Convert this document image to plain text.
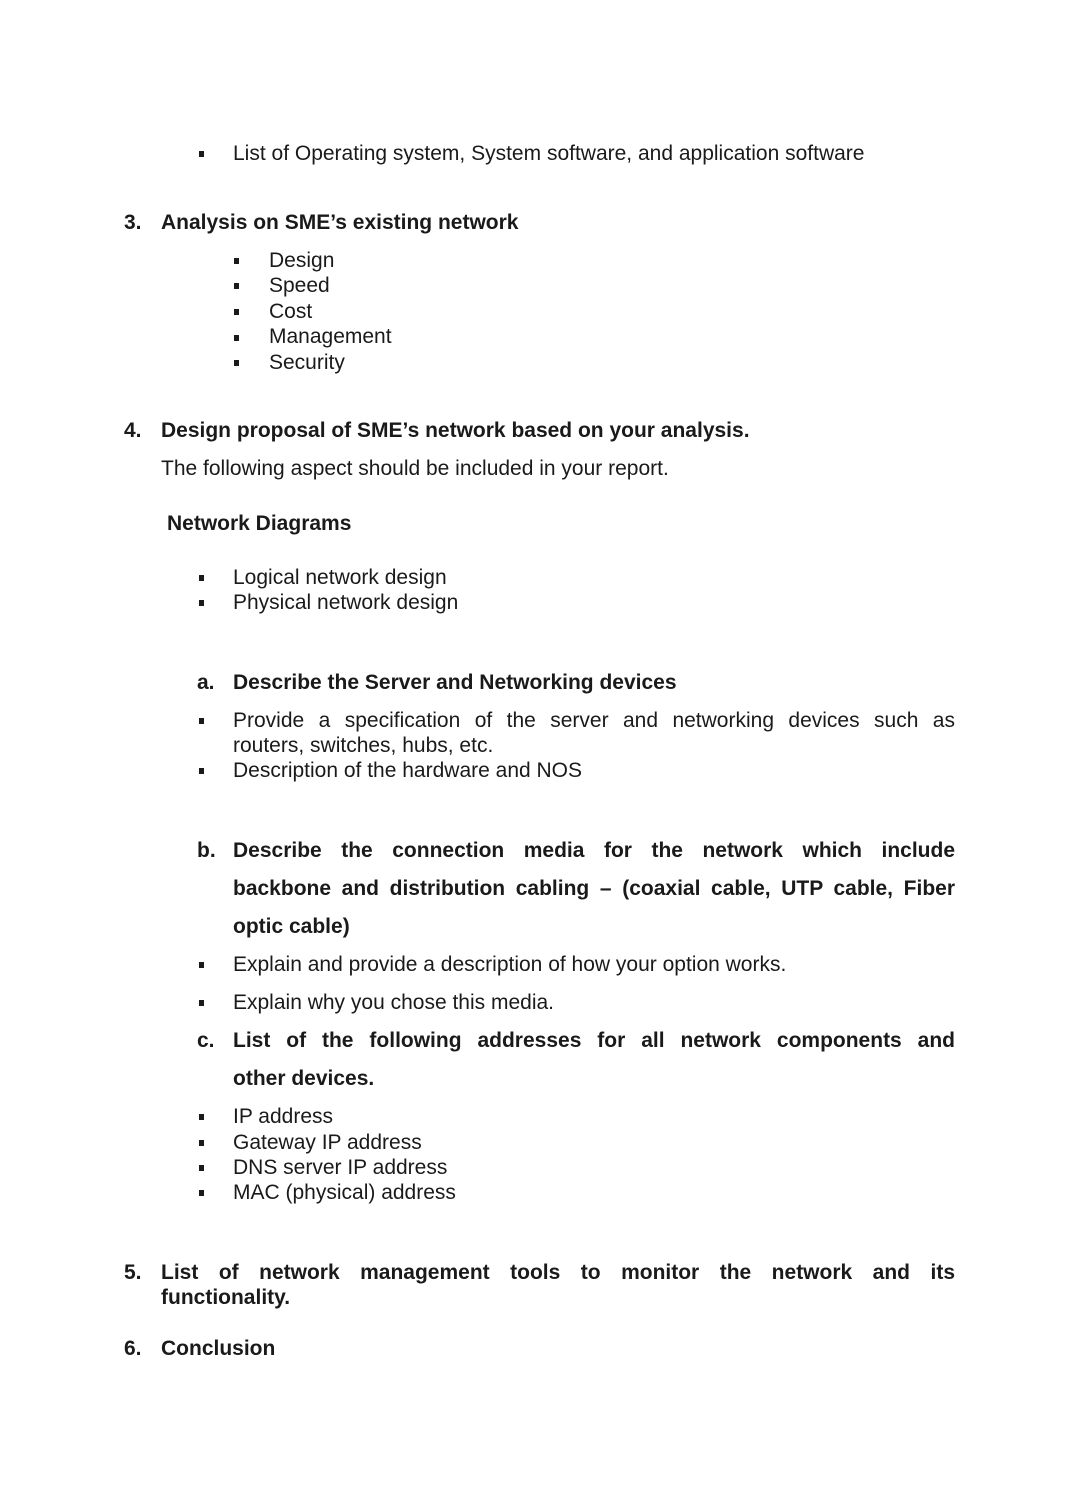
List of Operating system, System software, and application software
3. Analysis on SME’s existing network
Design
Speed
Cost
Management
Security
4. Design proposal of SME’s network based on your analysis.
The following aspect should be included in your report.
Network Diagrams
Logical network design
Physical network design
a. Describe the Server and Networking devices
Provide a specification of the server and networking devices such as
routers, switches, hubs, etc.
Description of the hardware and NOS
b. Describe the connection media for the network which include
backbone and distribution cabling – (coaxial cable, UTP cable, Fiber
optic cable)
Explain and provide a description of how your option works.
Explain why you chose this media.
c. List of the following addresses for all network components and
other devices.
IP address
Gateway IP address
DNS server IP address
MAC (physical) address
5. List of network management tools to monitor the network and its
functionality.
6. Conclusion
